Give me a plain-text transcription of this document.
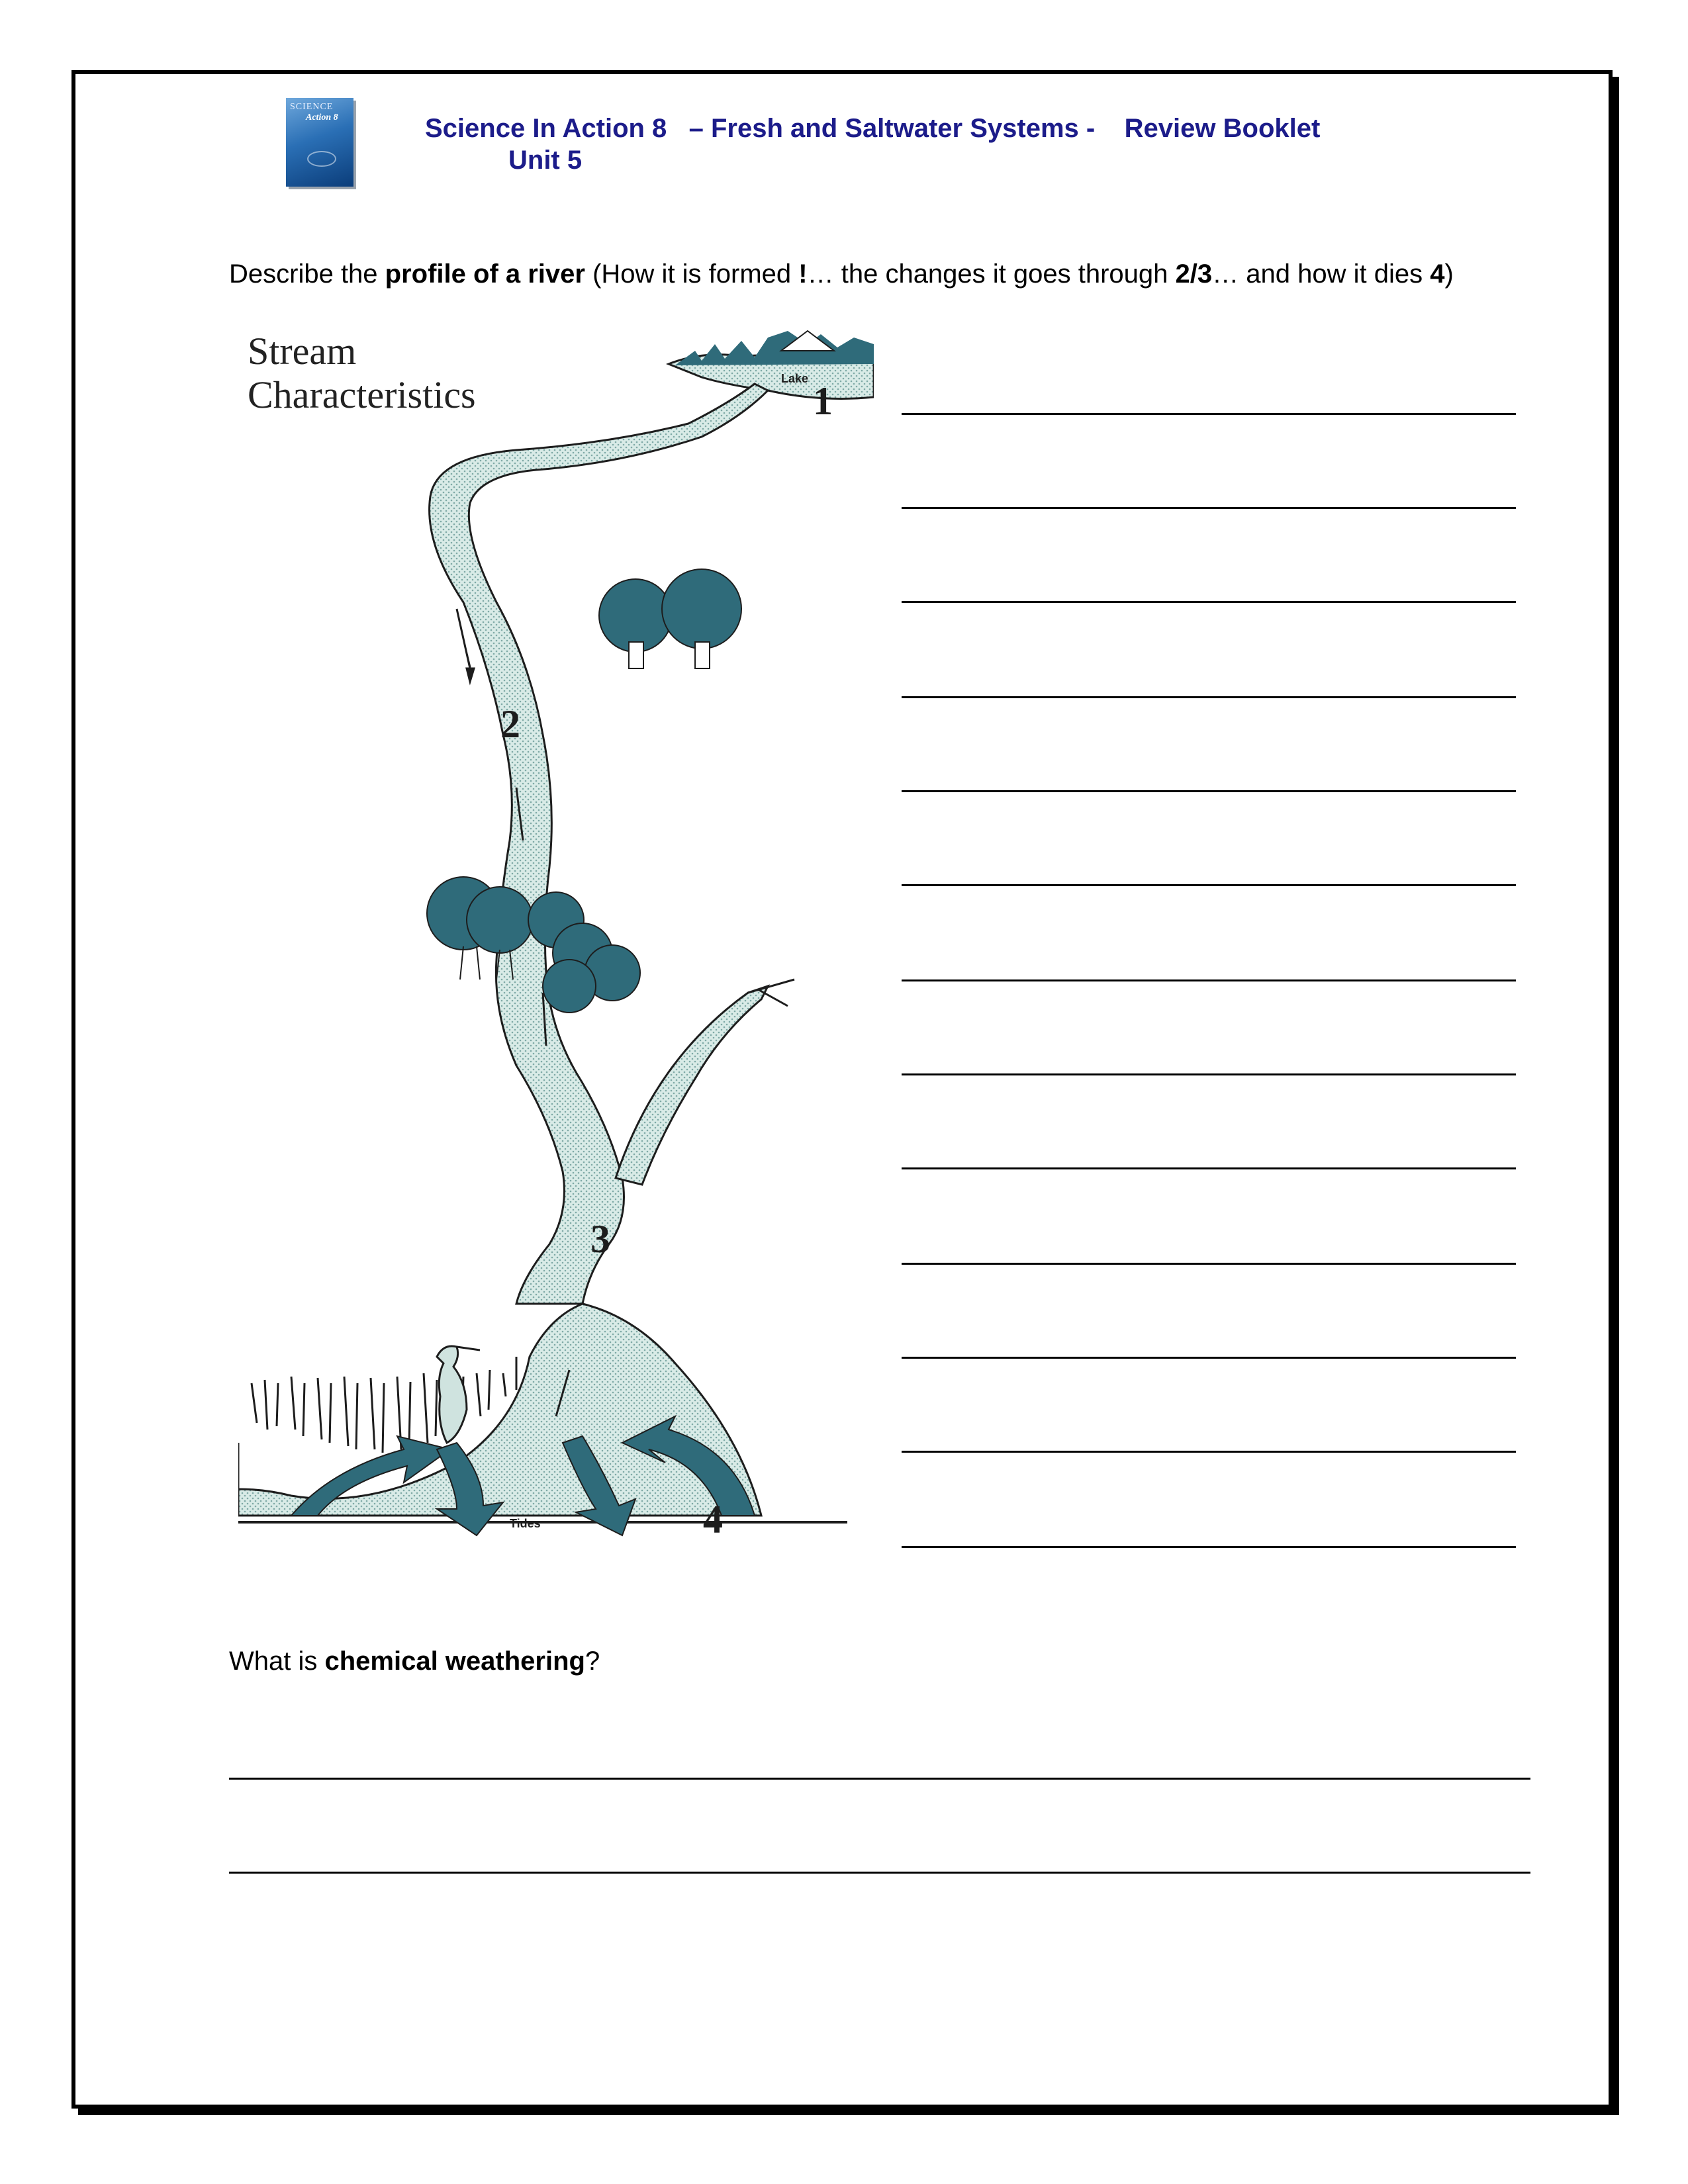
SCIENCE
Action 8	Science In Action 8   – Fresh and Saltwater Systems -    Review Booklet
Unit 5
Describe the profile of a river (How it is formed !… the changes it goes through 2/3… and how it dies 4)
Stream
Characteristics	Lake
Tides
1
2
3
4
What is chemical weathering?
